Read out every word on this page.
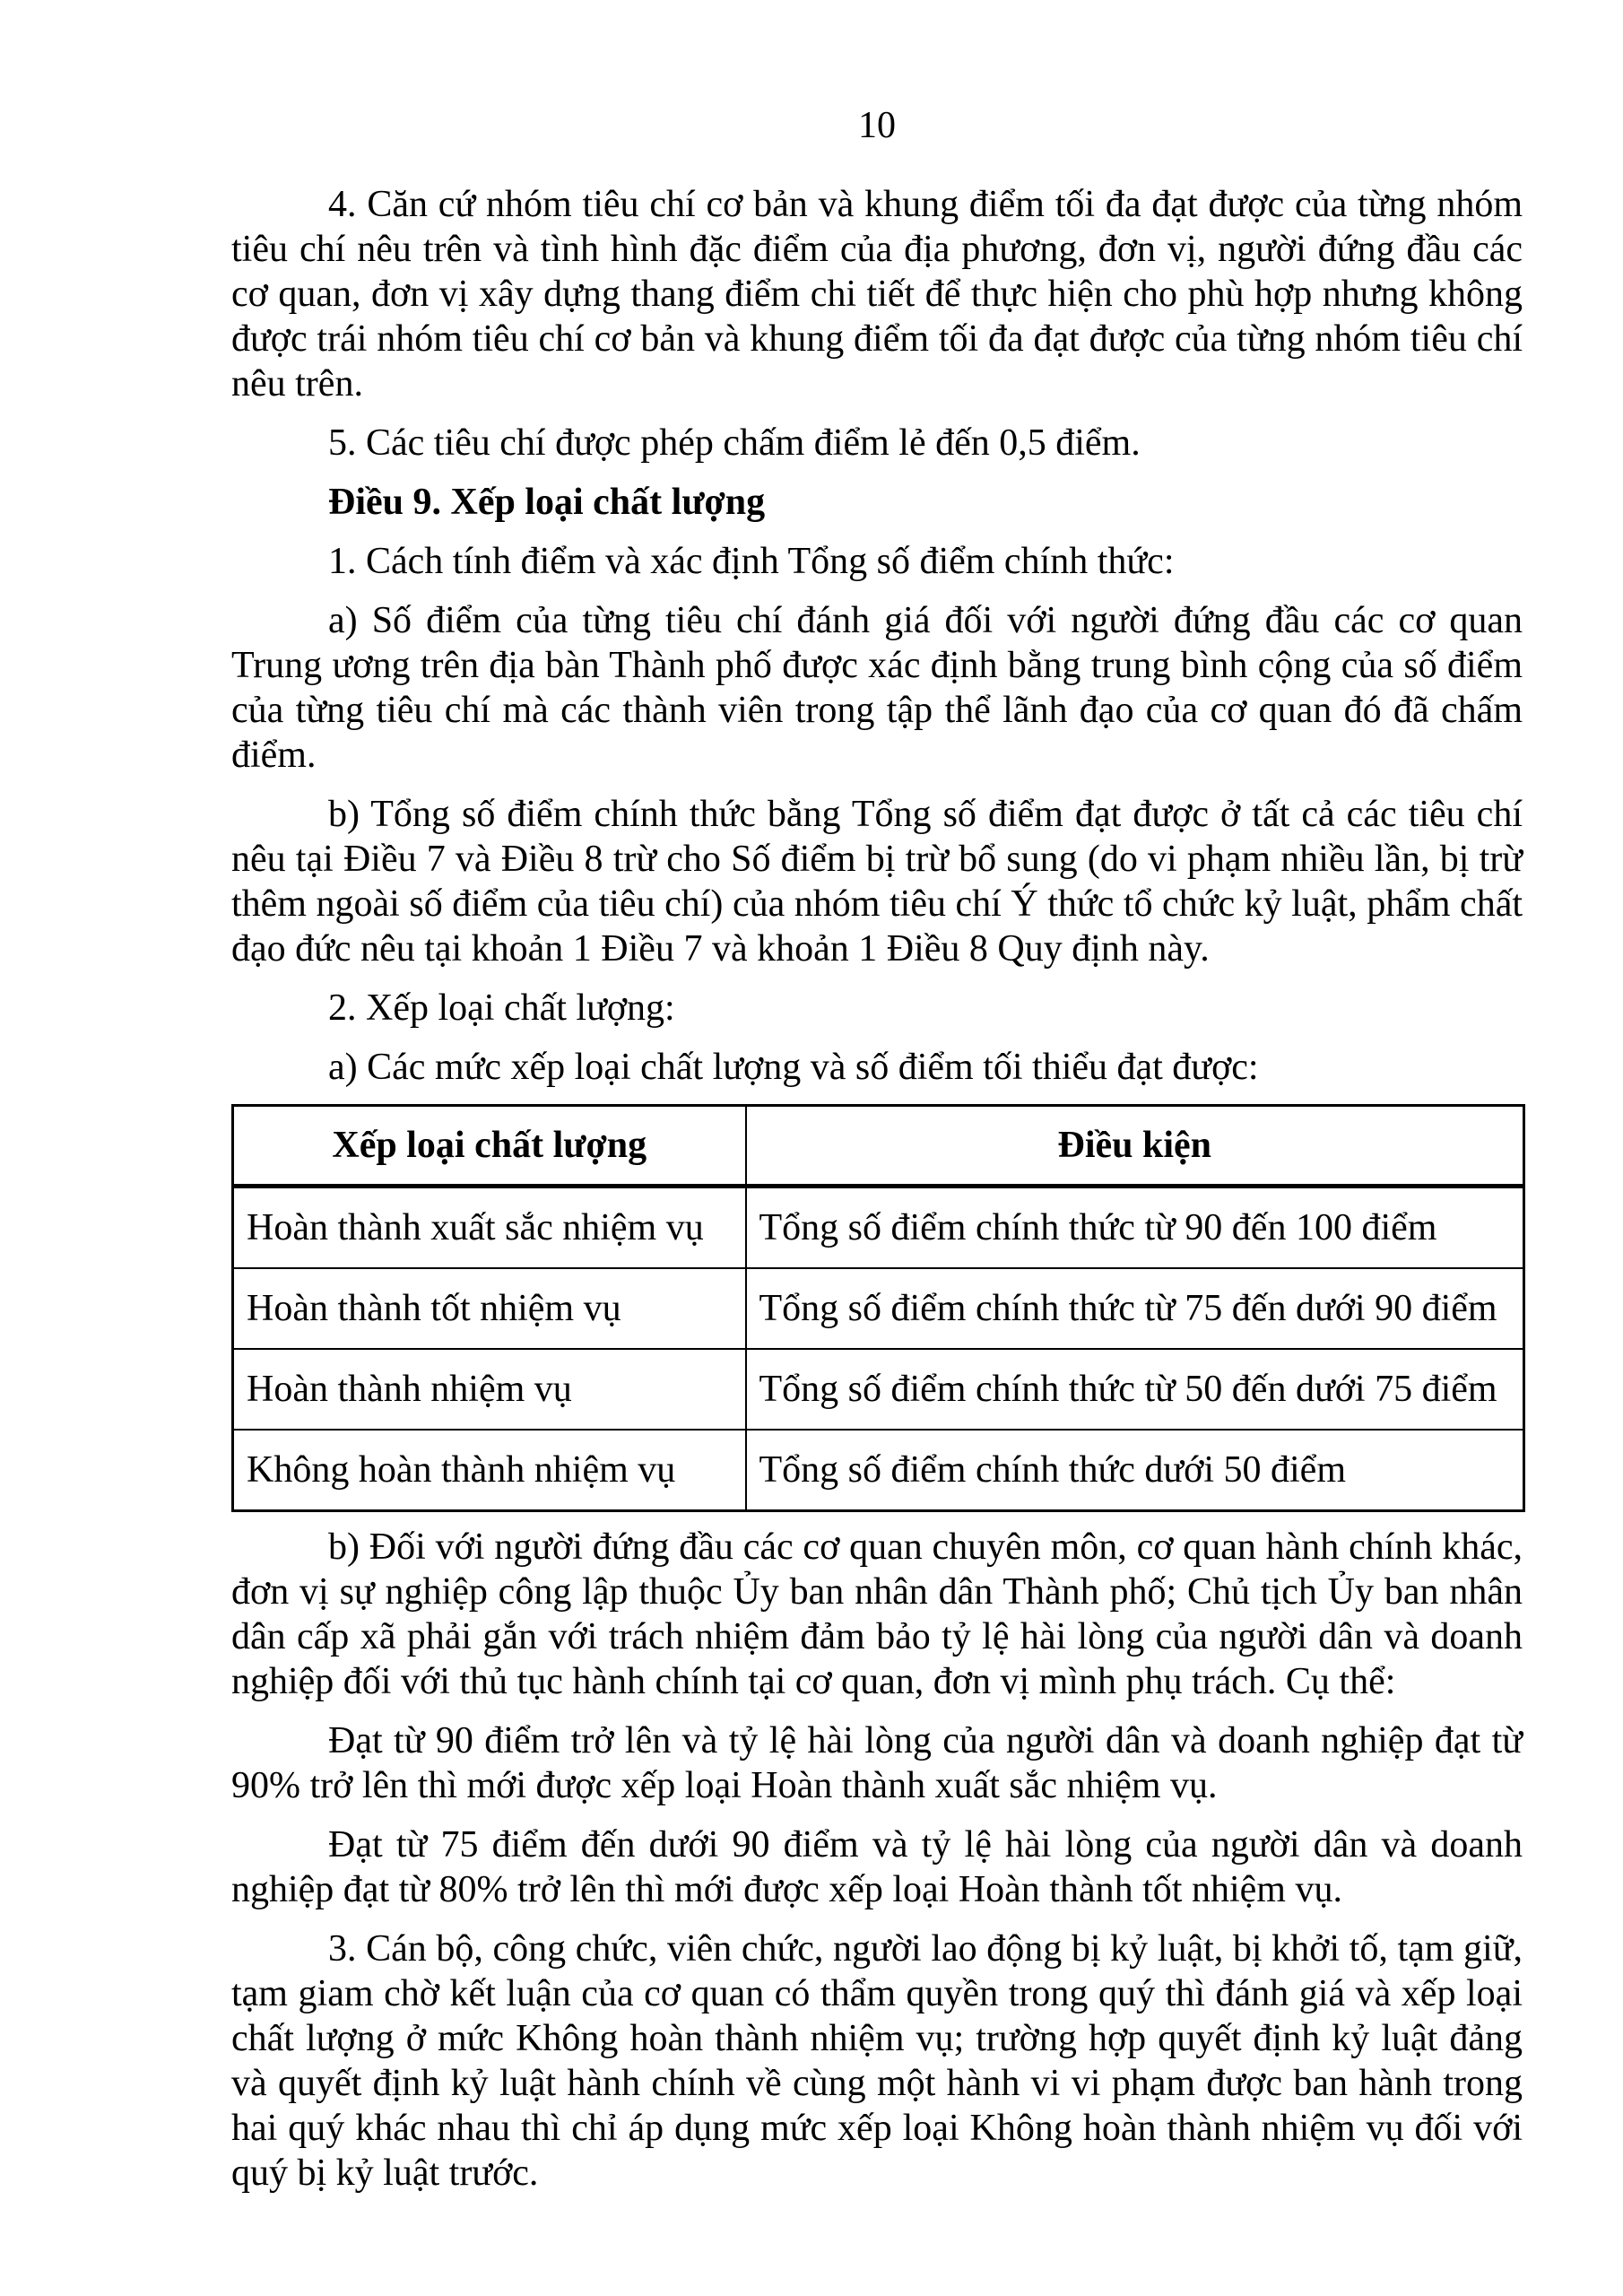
10

4. Căn cứ nhóm tiêu chí cơ bản và khung điểm tối đa đạt được của từng nhóm tiêu chí nêu trên và tình hình đặc điểm của địa phương, đơn vị, người đứng đầu các cơ quan, đơn vị xây dựng thang điểm chi tiết để thực hiện cho phù hợp nhưng không được trái nhóm tiêu chí cơ bản và khung điểm tối đa đạt được của từng nhóm tiêu chí nêu trên.

5. Các tiêu chí được phép chấm điểm lẻ đến 0,5 điểm.

Điều 9. Xếp loại chất lượng

1. Cách tính điểm và xác định Tổng số điểm chính thức:

a) Số điểm của từng tiêu chí đánh giá đối với người đứng đầu các cơ quan Trung ương trên địa bàn Thành phố được xác định bằng trung bình cộng của số điểm của từng tiêu chí mà các thành viên trong tập thể lãnh đạo của cơ quan đó đã chấm điểm.

b) Tổng số điểm chính thức bằng Tổng số điểm đạt được ở tất cả các tiêu chí nêu tại Điều 7 và Điều 8 trừ cho Số điểm bị trừ bổ sung (do vi phạm nhiều lần, bị trừ thêm ngoài số điểm của tiêu chí) của nhóm tiêu chí Ý thức tổ chức kỷ luật, phẩm chất đạo đức nêu tại khoản 1 Điều 7 và khoản 1 Điều 8 Quy định này.

2. Xếp loại chất lượng:

a) Các mức xếp loại chất lượng và số điểm tối thiểu đạt được:

Xếp loại chất lượng	Điều kiện
Hoàn thành xuất sắc nhiệm vụ	Tổng số điểm chính thức từ 90 đến 100 điểm
Hoàn thành tốt nhiệm vụ	Tổng số điểm chính thức từ 75 đến dưới 90 điểm
Hoàn thành nhiệm vụ	Tổng số điểm chính thức từ 50 đến dưới 75 điểm
Không hoàn thành nhiệm vụ	Tổng số điểm chính thức dưới 50 điểm

b) Đối với người đứng đầu các cơ quan chuyên môn, cơ quan hành chính khác, đơn vị sự nghiệp công lập thuộc Ủy ban nhân dân Thành phố; Chủ tịch Ủy ban nhân dân cấp xã phải gắn với trách nhiệm đảm bảo tỷ lệ hài lòng của người dân và doanh nghiệp đối với thủ tục hành chính tại cơ quan, đơn vị mình phụ trách. Cụ thể:

Đạt từ 90 điểm trở lên và tỷ lệ hài lòng của người dân và doanh nghiệp đạt từ 90% trở lên thì mới được xếp loại Hoàn thành xuất sắc nhiệm vụ.

Đạt từ 75 điểm đến dưới 90 điểm và tỷ lệ hài lòng của người dân và doanh nghiệp đạt từ 80% trở lên thì mới được xếp loại Hoàn thành tốt nhiệm vụ.

3. Cán bộ, công chức, viên chức, người lao động bị kỷ luật, bị khởi tố, tạm giữ, tạm giam chờ kết luận của cơ quan có thẩm quyền trong quý thì đánh giá và xếp loại chất lượng ở mức Không hoàn thành nhiệm vụ; trường hợp quyết định kỷ luật đảng và quyết định kỷ luật hành chính về cùng một hành vi vi phạm được ban hành trong hai quý khác nhau thì chỉ áp dụng mức xếp loại Không hoàn thành nhiệm vụ đối với quý bị kỷ luật trước.
